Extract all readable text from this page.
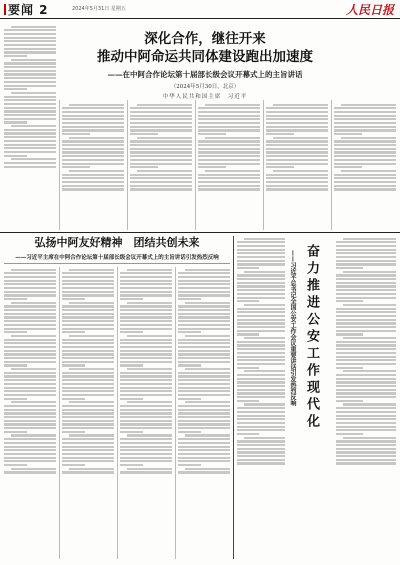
要闻 2	2024年5月31日 星期五	人民日报
深化合作，继往开来
推动中阿命运共同体建设跑出加速度
——在中阿合作论坛第十届部长级会议开幕式上的主旨讲话
（2024年5月30日，北京）
中华人民共和国主席　习近平
弘扬中阿友好精神　团结共创未来
——习近平主席在中阿合作论坛第十届部长级会议开幕式上的主旨讲话引发热烈反响	奋力推进公安工作现代化
——习近平总书记全国公安工作会议重要讲话引发热烈反响
